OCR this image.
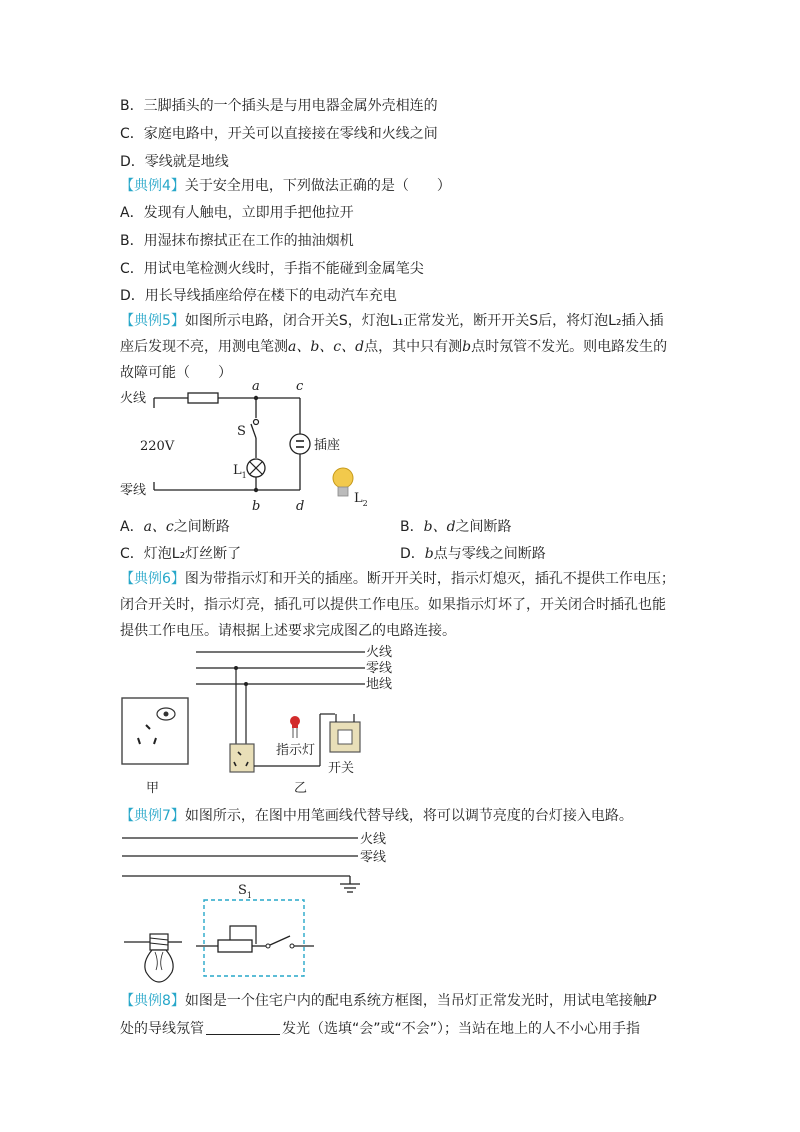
B．三脚插头的一个插头是与用电器金属外壳相连的
C．家庭电路中，开关可以直接接在零线和火线之间
D．零线就是地线
【典例4】关于安全用电，下列做法正确的是（　　）
A．发现有人触电，立即用手把他拉开
B．用湿抹布擦拭正在工作的抽油烟机
C．用试电笔检测火线时，手指不能碰到金属笔尖
D．用长导线插座给停在楼下的电动汽车充电
【典例5】如图所示电路，闭合开关S，灯泡L₁正常发光，断开开关S后，将灯泡L₂插入插
座后发现不亮，用测电笔测a、b、c、d点，其中只有测b点时氖管不发光。则电路发生的
故障可能（　　）
火线
零线
220V
a	c
b	d
S
$L_1$
插座
$L_2$
A．a、c之间断路	B．b、d之间断路
C．灯泡L₂灯丝断了	D．b点与零线之间断路
【典例6】图为带指示灯和开关的插座。断开开关时，指示灯熄灭，插孔不提供工作电压；
闭合开关时，指示灯亮，插孔可以提供工作电压。如果指示灯坏了，开关闭合时插孔也能
提供工作电压。请根据上述要求完成图乙的电路连接。
火线
零线
地线
指示灯
开关
甲	乙
【典例7】如图所示，在图中用笔画线代替导线，将可以调节亮度的台灯接入电路。
火线
零线
$S_1$
【典例8】如图是一个住宅户内的配电系统方框图，当吊灯正常发光时，用试电笔接触P
处的导线氖管	发光（选填“会”或“不会”）；当站在地上的人不小心用手指
